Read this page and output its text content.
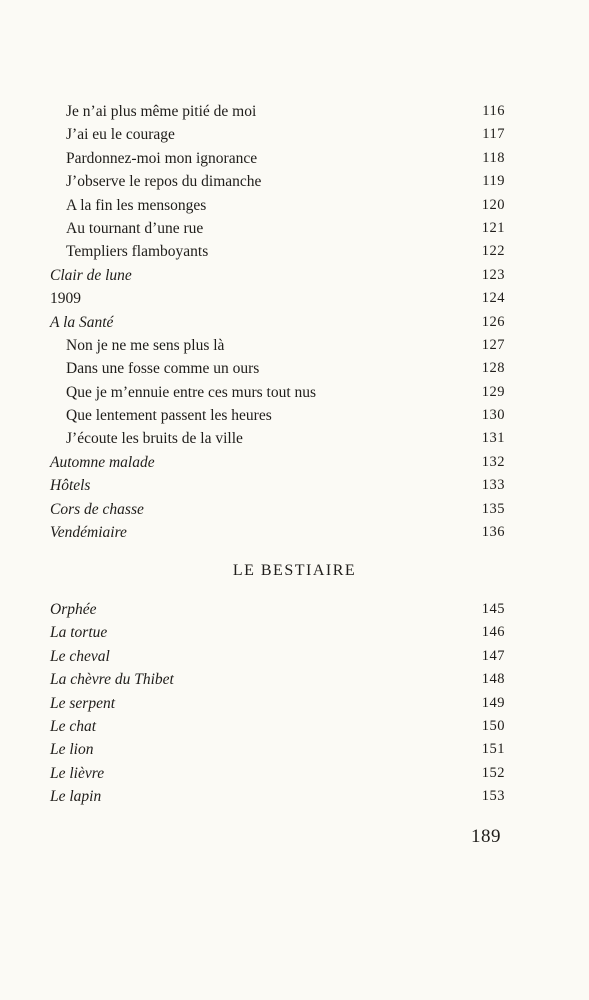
Je n’ai plus même pitié de moi	116
J’ai eu le courage	117
Pardonnez-moi mon ignorance	118
J’observe le repos du dimanche	119
A la fin les mensonges	120
Au tournant d’une rue	121
Templiers flamboyants	122
Clair de lune	123
1909	124
A la Santé	126
Non je ne me sens plus là	127
Dans une fosse comme un ours	128
Que je m’ennuie entre ces murs tout nus	129
Que lentement passent les heures	130
J’écoute les bruits de la ville	131
Automne malade	132
Hôtels	133
Cors de chasse	135
Vendémiaire	136
LE BESTIAIRE
Orphée	145
La tortue	146
Le cheval	147
La chèvre du Thibet	148
Le serpent	149
Le chat	150
Le lion	151
Le lièvre	152
Le lapin	153
189
